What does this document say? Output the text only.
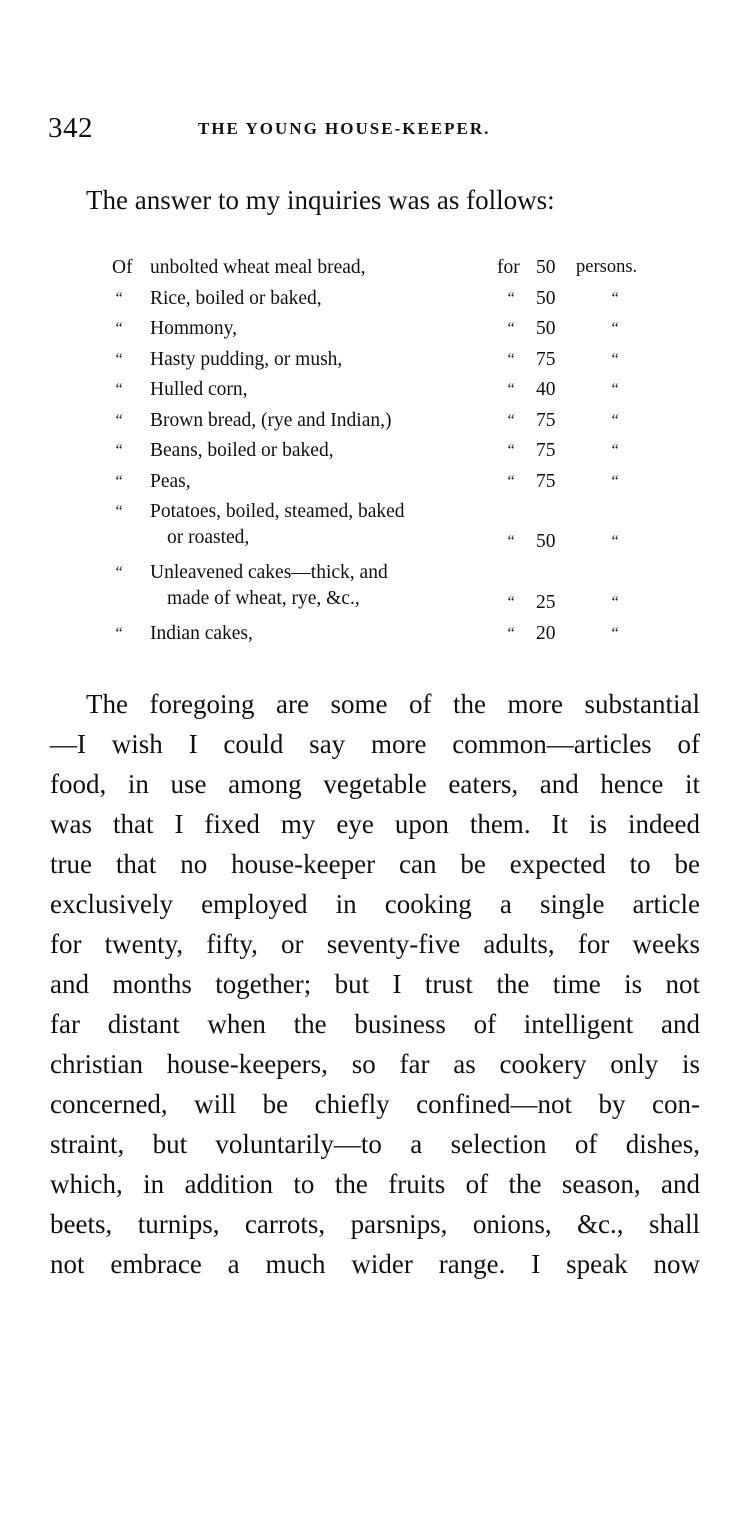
342	THE YOUNG HOUSE-KEEPER.
The answer to my inquiries was as follows:
Of unbolted wheat meal bread,	for 50 persons.
“ Rice, boiled or baked,	“ 50	“
“ Hommony,	“ 50	“
“ Hasty pudding, or mush,	“ 75	“
“ Hulled corn,	“ 40	“
“ Brown bread, (rye and Indian,)	“ 75	“
“ Beans, boiled or baked,	“ 75	“
“ Peas,	“ 75	“
“ Potatoes, boiled, steamed, baked
or roasted,	“ 50	“
“ Unleavened cakes—thick, and
made of wheat, rye, &c.,	“ 25	“
“ Indian cakes,	“ 20	“
The foregoing are some of the more substantial
—I wish I could say more common—articles of
food, in use among vegetable eaters, and hence it
was that I fixed my eye upon them. It is indeed
true that no house-keeper can be expected to be
exclusively employed in cooking a single article
for twenty, fifty, or seventy-five adults, for weeks
and months together; but I trust the time is not
far distant when the business of intelligent and
christian house-keepers, so far as cookery only is
concerned, will be chiefly confined—not by con-
straint, but voluntarily—to a selection of dishes,
which, in addition to the fruits of the season, and
beets, turnips, carrots, parsnips, onions, &c., shall
not embrace a much wider range. I speak now
